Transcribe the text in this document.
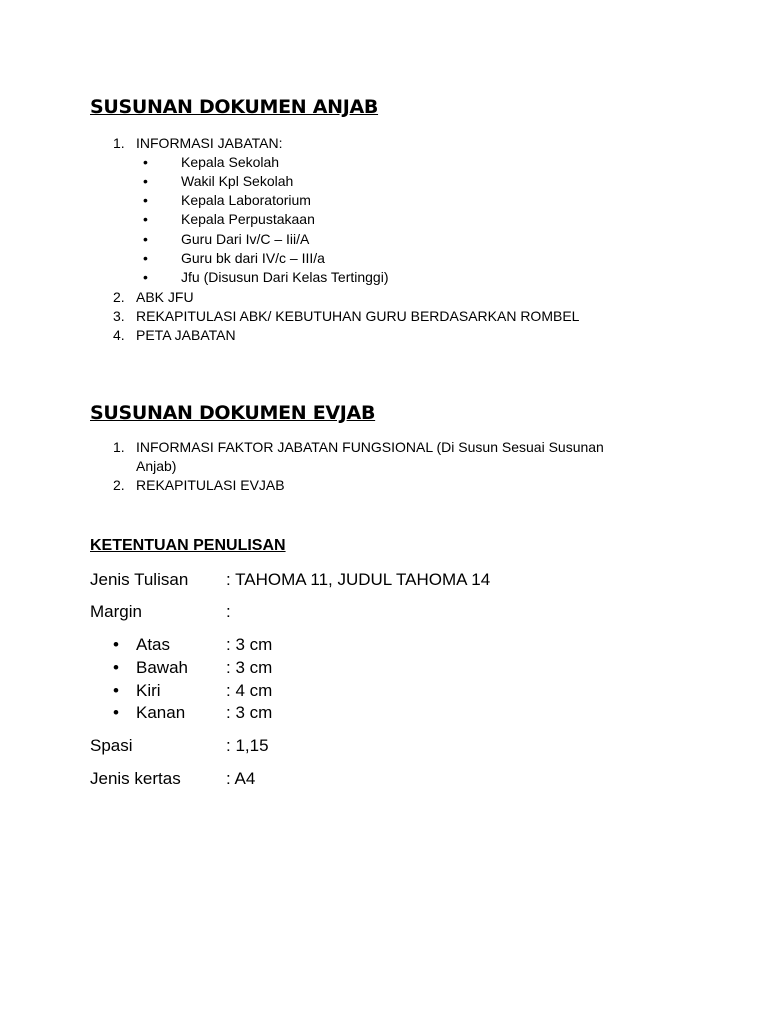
SUSUNAN DOKUMEN ANJAB
1. INFORMASI JABATAN:
• Kepala Sekolah
• Wakil Kpl Sekolah
• Kepala Laboratorium
• Kepala Perpustakaan
• Guru Dari Iv/C – Iii/A
• Guru bk dari IV/c – III/a
• Jfu (Disusun Dari Kelas Tertinggi)
2. ABK JFU
3. REKAPITULASI ABK/ KEBUTUHAN GURU BERDASARKAN ROMBEL
4. PETA JABATAN
SUSUNAN DOKUMEN EVJAB
1. INFORMASI FAKTOR JABATAN FUNGSIONAL (Di Susun Sesuai Susunan
Anjab)
2. REKAPITULASI EVJAB
KETENTUAN PENULISAN
Jenis Tulisan : TAHOMA 11, JUDUL TAHOMA 14
Margin	:
• Atas	: 3 cm
• Bawah : 3 cm
• Kiri	: 4 cm
• Kanan : 3 cm
Spasi	: 1,15
Jenis kertas	: A4
